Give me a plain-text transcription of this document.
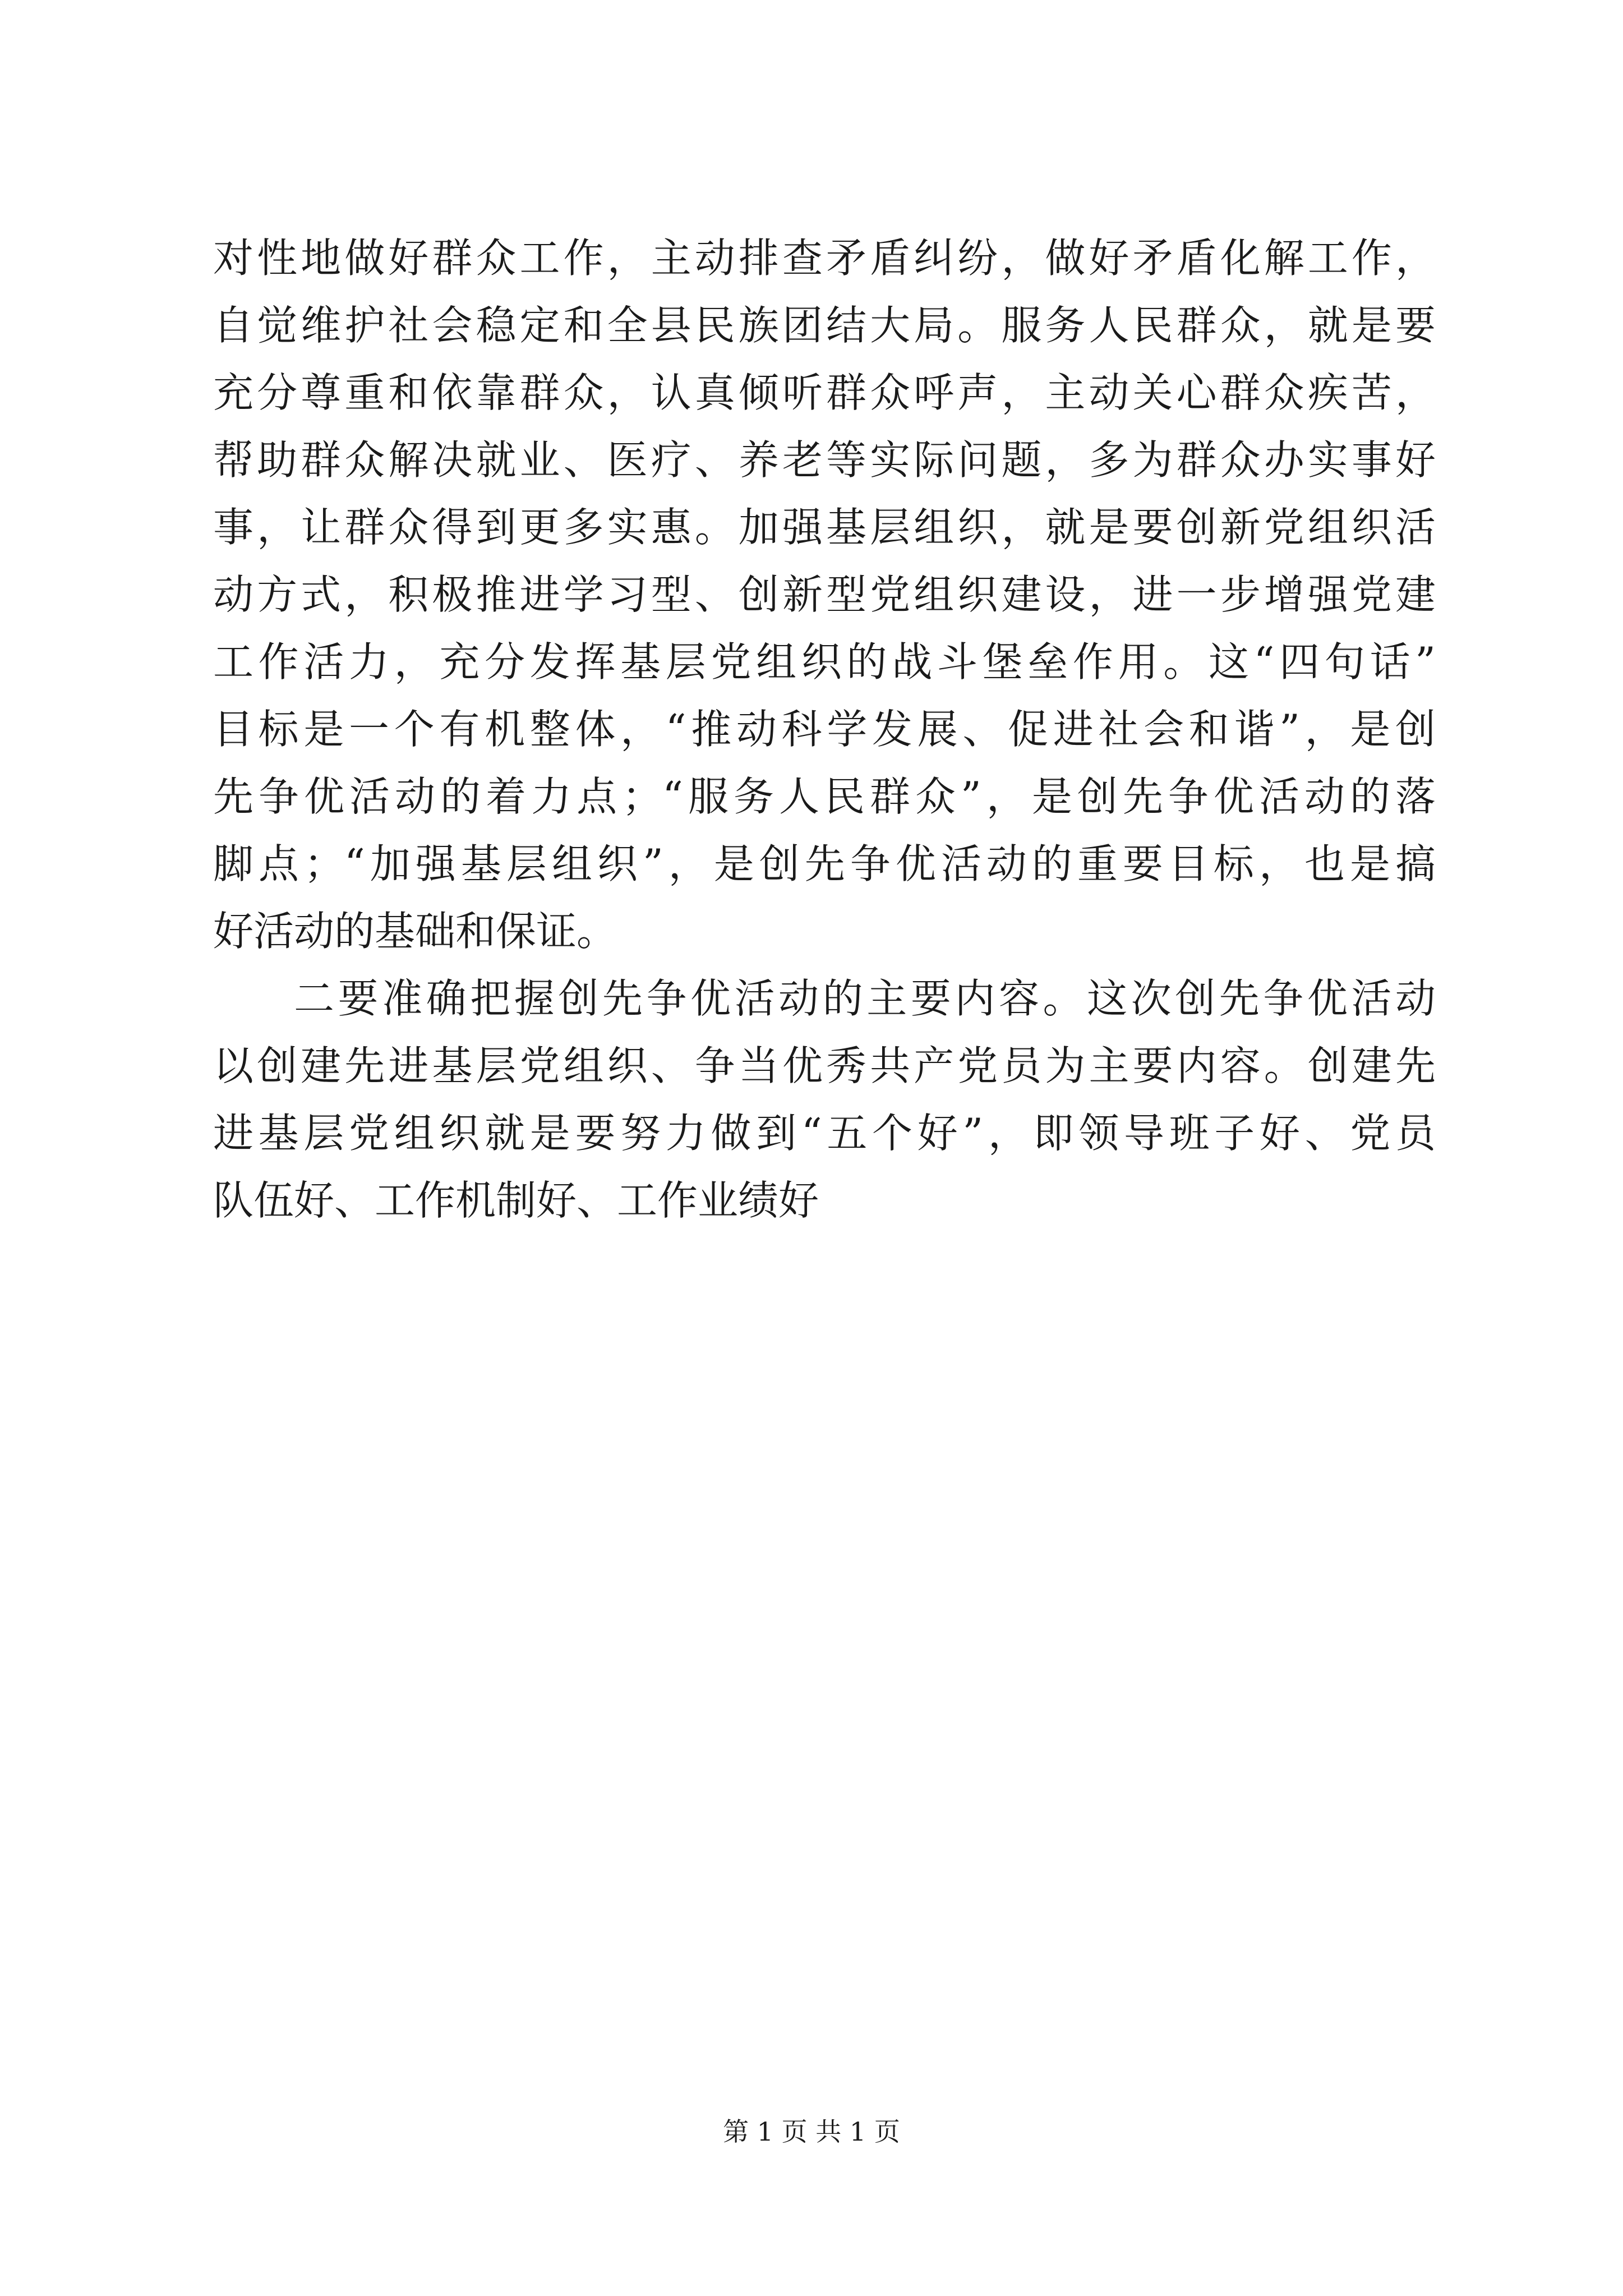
对性地做好群众工作，主动排查矛盾纠纷，做好矛盾化解工作，
自觉维护社会稳定和全县民族团结大局。服务人民群众，就是要
充分尊重和依靠群众，认真倾听群众呼声，主动关心群众疾苦，
帮助群众解决就业、医疗、养老等实际问题，多为群众办实事好
事，让群众得到更多实惠。加强基层组织，就是要创新党组织活
动方式，积极推进学习型、创新型党组织建设，进一步增强党建
工作活力，充分发挥基层党组织的战斗堡垒作用。这“四句话”
目标是一个有机整体，“推动科学发展、促进社会和谐”，是创
先争优活动的着力点；“服务人民群众”，是创先争优活动的落
脚点；“加强基层组织”，是创先争优活动的重要目标，也是搞
好活动的基础和保证。
二要准确把握创先争优活动的主要内容。这次创先争优活动
以创建先进基层党组织、争当优秀共产党员为主要内容。创建先
进基层党组织就是要努力做到“五个好”，即领导班子好、党员
队伍好、工作机制好、工作业绩好
第 1 页 共 1 页
